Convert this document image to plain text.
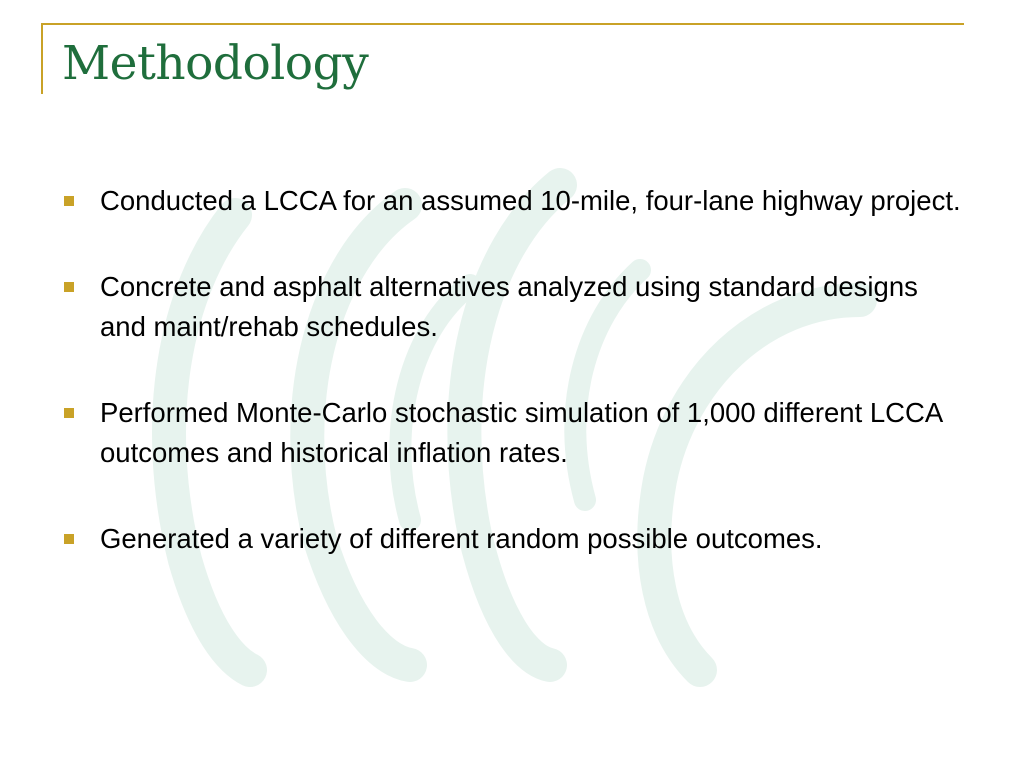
Methodology
Conducted a LCCA for an assumed 10-mile, four-lane highway project.
Concrete and asphalt alternatives analyzed using standard designs and maint/rehab schedules.
Performed Monte-Carlo stochastic simulation of 1,000 different LCCA outcomes and historical inflation rates.
Generated a variety of different random possible outcomes.
